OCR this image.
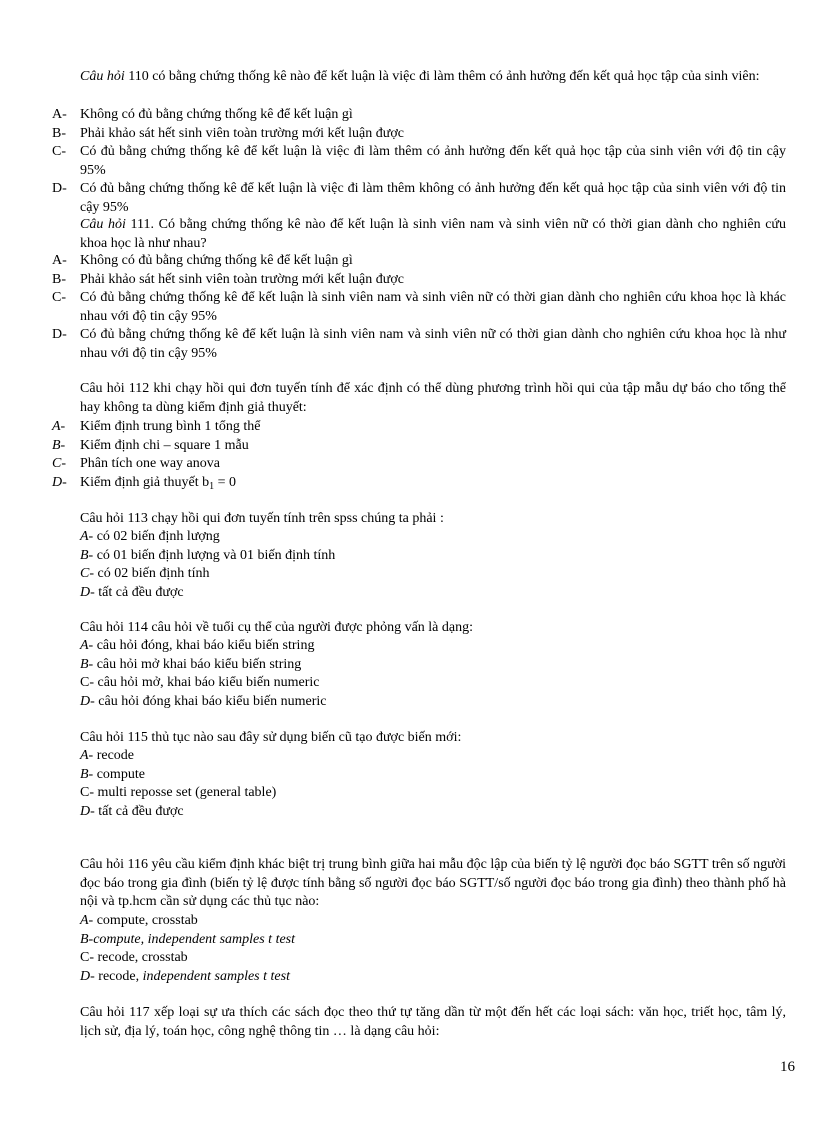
Câu hỏi 110 có bằng chứng thống kê nào để kết luận là việc đi làm thêm có ảnh hưởng đến kết quả học tập của sinh viên:
A- Không có đủ bằng chứng thống kê để kết luận gì
B- Phải khảo sát hết sinh viên toàn trường mới kết luận được
C- Có đủ bằng chứng thống kê để kết luận là việc đi làm thêm có ảnh hưởng đến kết quả học tập của sinh viên với độ tin cậy 95%
D- Có đủ bằng chứng thống kê để kết luận là việc đi làm thêm không có ảnh hưởng đến kết quả học tập của sinh viên với độ tin cậy 95%
Câu hỏi 111. Có bằng chứng thống kê nào để kết luận là sinh viên nam và sinh viên nữ có thời gian dành cho nghiên cứu khoa học là như nhau?
A- Không có đủ bằng chứng thống kê để kết luận gì
B- Phải khảo sát hết sinh viên toàn trường mới kết luận được
C- Có đủ bằng chứng thống kê để kết luận là sinh viên nam và sinh viên nữ có thời gian dành cho nghiên cứu khoa học là khác nhau với độ tin cậy 95%
D- Có đủ bằng chứng thống kê để kết luận là sinh viên nam và sinh viên nữ có thời gian dành cho nghiên cứu khoa học là như nhau với độ tin cậy 95%
Câu hỏi 112 khi chạy hồi qui đơn tuyến tính để xác định có thể dùng phương trình hồi qui của tập mẫu dự báo cho tổng thể hay không ta dùng kiểm định giả thuyết:
A- Kiểm định trung bình 1 tổng thể
B- Kiểm định chi – square 1 mẫu
C- Phân tích one way anova
D- Kiểm định giả thuyết $b_1 = 0$
Câu hỏi 113 chạy hồi qui đơn tuyến tính trên spss chúng ta phải :
A- có 02 biến định lượng
B- có 01 biến định lượng và 01 biến định tính
C- có 02 biến định tính
D- tất cả đều được
Câu hỏi 114 câu hỏi về tuổi cụ thể của người được phỏng vấn là dạng:
A- câu hỏi đóng, khai báo kiểu biến string
B- câu hỏi mở khai báo kiểu biến string
C- câu hỏi mở, khai báo kiểu biến numeric
D- câu hỏi đóng khai báo kiểu biến numeric
Câu hỏi 115 thủ tục nào sau đây sử dụng biến cũ tạo được biến mới:
A- recode
B- compute
C- multi reposse set (general table)
D- tất cả đều được
Câu hỏi 116 yêu cầu kiểm định khác biệt trị trung bình giữa hai mẫu độc lập của biến tỷ lệ người đọc báo SGTT trên số người đọc báo trong gia đình (biến tỷ lệ được tính bằng số người đọc báo SGTT/số người đọc báo trong gia đình) theo thành phố hà nội và tp.hcm cần sử dụng các thủ tục nào:
A- compute, crosstab
B-compute, independent samples t test
C- recode, crosstab
D- recode, independent samples t test
Câu hỏi 117 xếp loại sự ưa thích các sách đọc theo thứ tự tăng dần từ một đến hết các loại sách: văn học, triết học, tâm lý, lịch sử, địa lý, toán học, công nghệ thông tin … là dạng câu hỏi:
16
